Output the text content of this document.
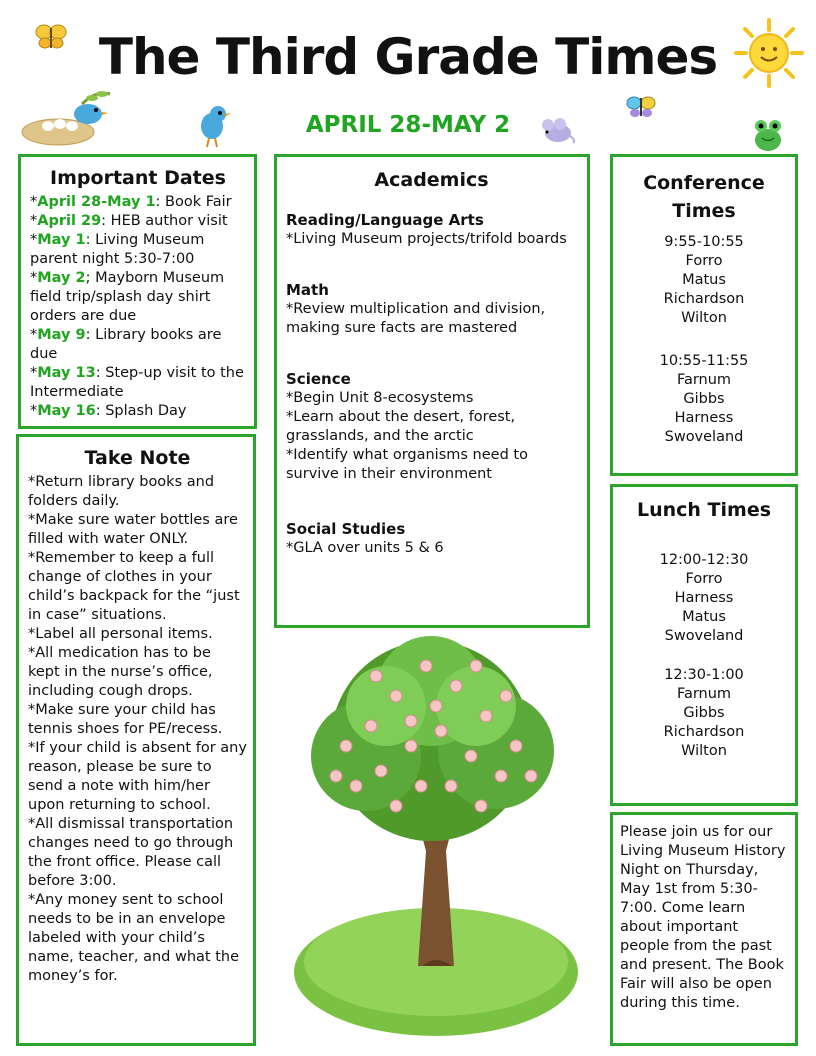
The Third Grade Times
APRIL 28-MAY 2
Important Dates
*April 28-May 1: Book Fair
*April 29: HEB author visit
*May 1: Living Museum parent night 5:30-7:00
*May 2; Mayborn Museum field trip/splash day shirt orders are due
*May 9: Library books are due
*May 13: Step-up visit to the Intermediate
*May 16: Splash Day
Take Note
*Return library books and folders daily.
*Make sure water bottles are filled with water ONLY.
*Remember to keep a full change of clothes in your child’s backpack for the “just in case” situations.
*Label all personal items.
*All medication has to be kept in the nurse’s office, including cough drops.
*Make sure your child has tennis shoes for PE/recess.
*If your child is absent for any reason, please be sure to send a note with him/her upon returning to school.
*All dismissal transportation changes need to go through the front office. Please call before 3:00.
*Any money sent to school needs to be in an envelope labeled with your child’s name, teacher, and what the money’s for.
Academics
Reading/Language Arts
*Living Museum projects/trifold boards
Math
*Review multiplication and division, making sure facts are mastered
Science
*Begin Unit 8-ecosystems
*Learn about the desert, forest, grasslands, and the arctic
*Identify what organisms need to survive in their environment
Social Studies
*GLA over units 5 & 6
Conference Times
9:55-10:55
Forro
Matus
Richardson
Wilton
10:55-11:55
Farnum
Gibbs
Harness
Swoveland
Lunch Times
12:00-12:30
Forro
Harness
Matus
Swoveland
12:30-1:00
Farnum
Gibbs
Richardson
Wilton
Please join us for our Living Museum History Night on Thursday, May 1st from 5:30-7:00. Come learn about important people from the past and present. The Book Fair will also be open during this time.
